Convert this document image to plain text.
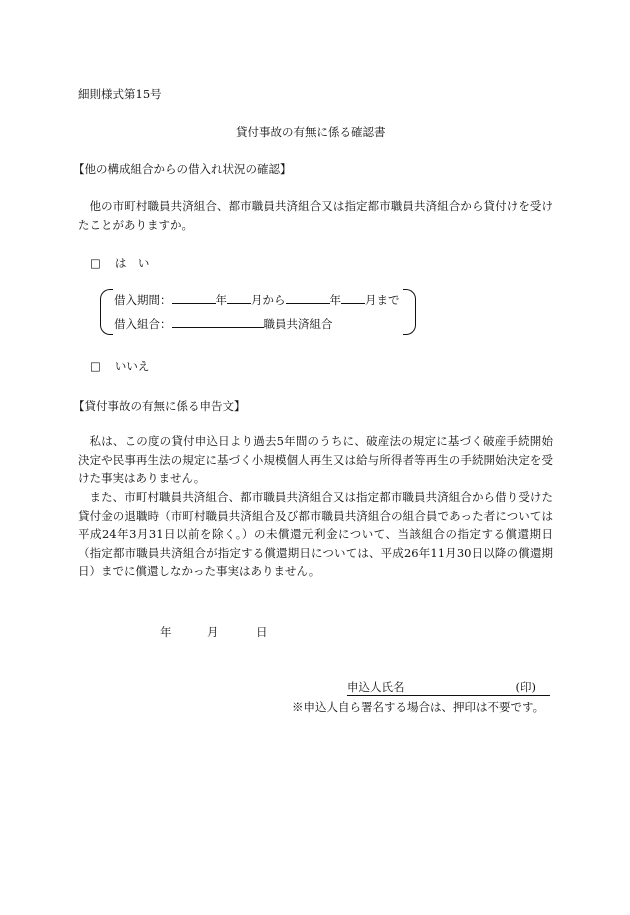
細則様式第15号
貸付事故の有無に係る確認書
【他の構成組合からの借入れ状況の確認】
他の市町村職員共済組合、都市職員共済組合又は指定都市職員共済組合から貸付けを受けたことがありますか。
□ は　い
借入期間：	年 月から	年 月まで
借入組合：	職員共済組合
□ いいえ
【貸付事故の有無に係る申告文】
私は、この度の貸付申込日より過去5年間のうちに、破産法の規定に基づく破産手続開始決定や民事再生法の規定に基づく小規模個人再生又は給与所得者等再生の手続開始決定を受けた事実はありません。
また、市町村職員共済組合、都市職員共済組合又は指定都市職員共済組合から借り受けた貸付金の退職時（市町村職員共済組合及び都市職員共済組合の組合員であった者については平成24年3月31日以前を除く。）の未償還元利金について、当該組合の指定する償還期日（指定都市職員共済組合が指定する償還期日については、平成26年11月30日以降の償還期日）までに償還しなかった事実はありません。
年	月	日
申込人氏名	(印)
※申込人自ら署名する場合は、押印は不要です。
